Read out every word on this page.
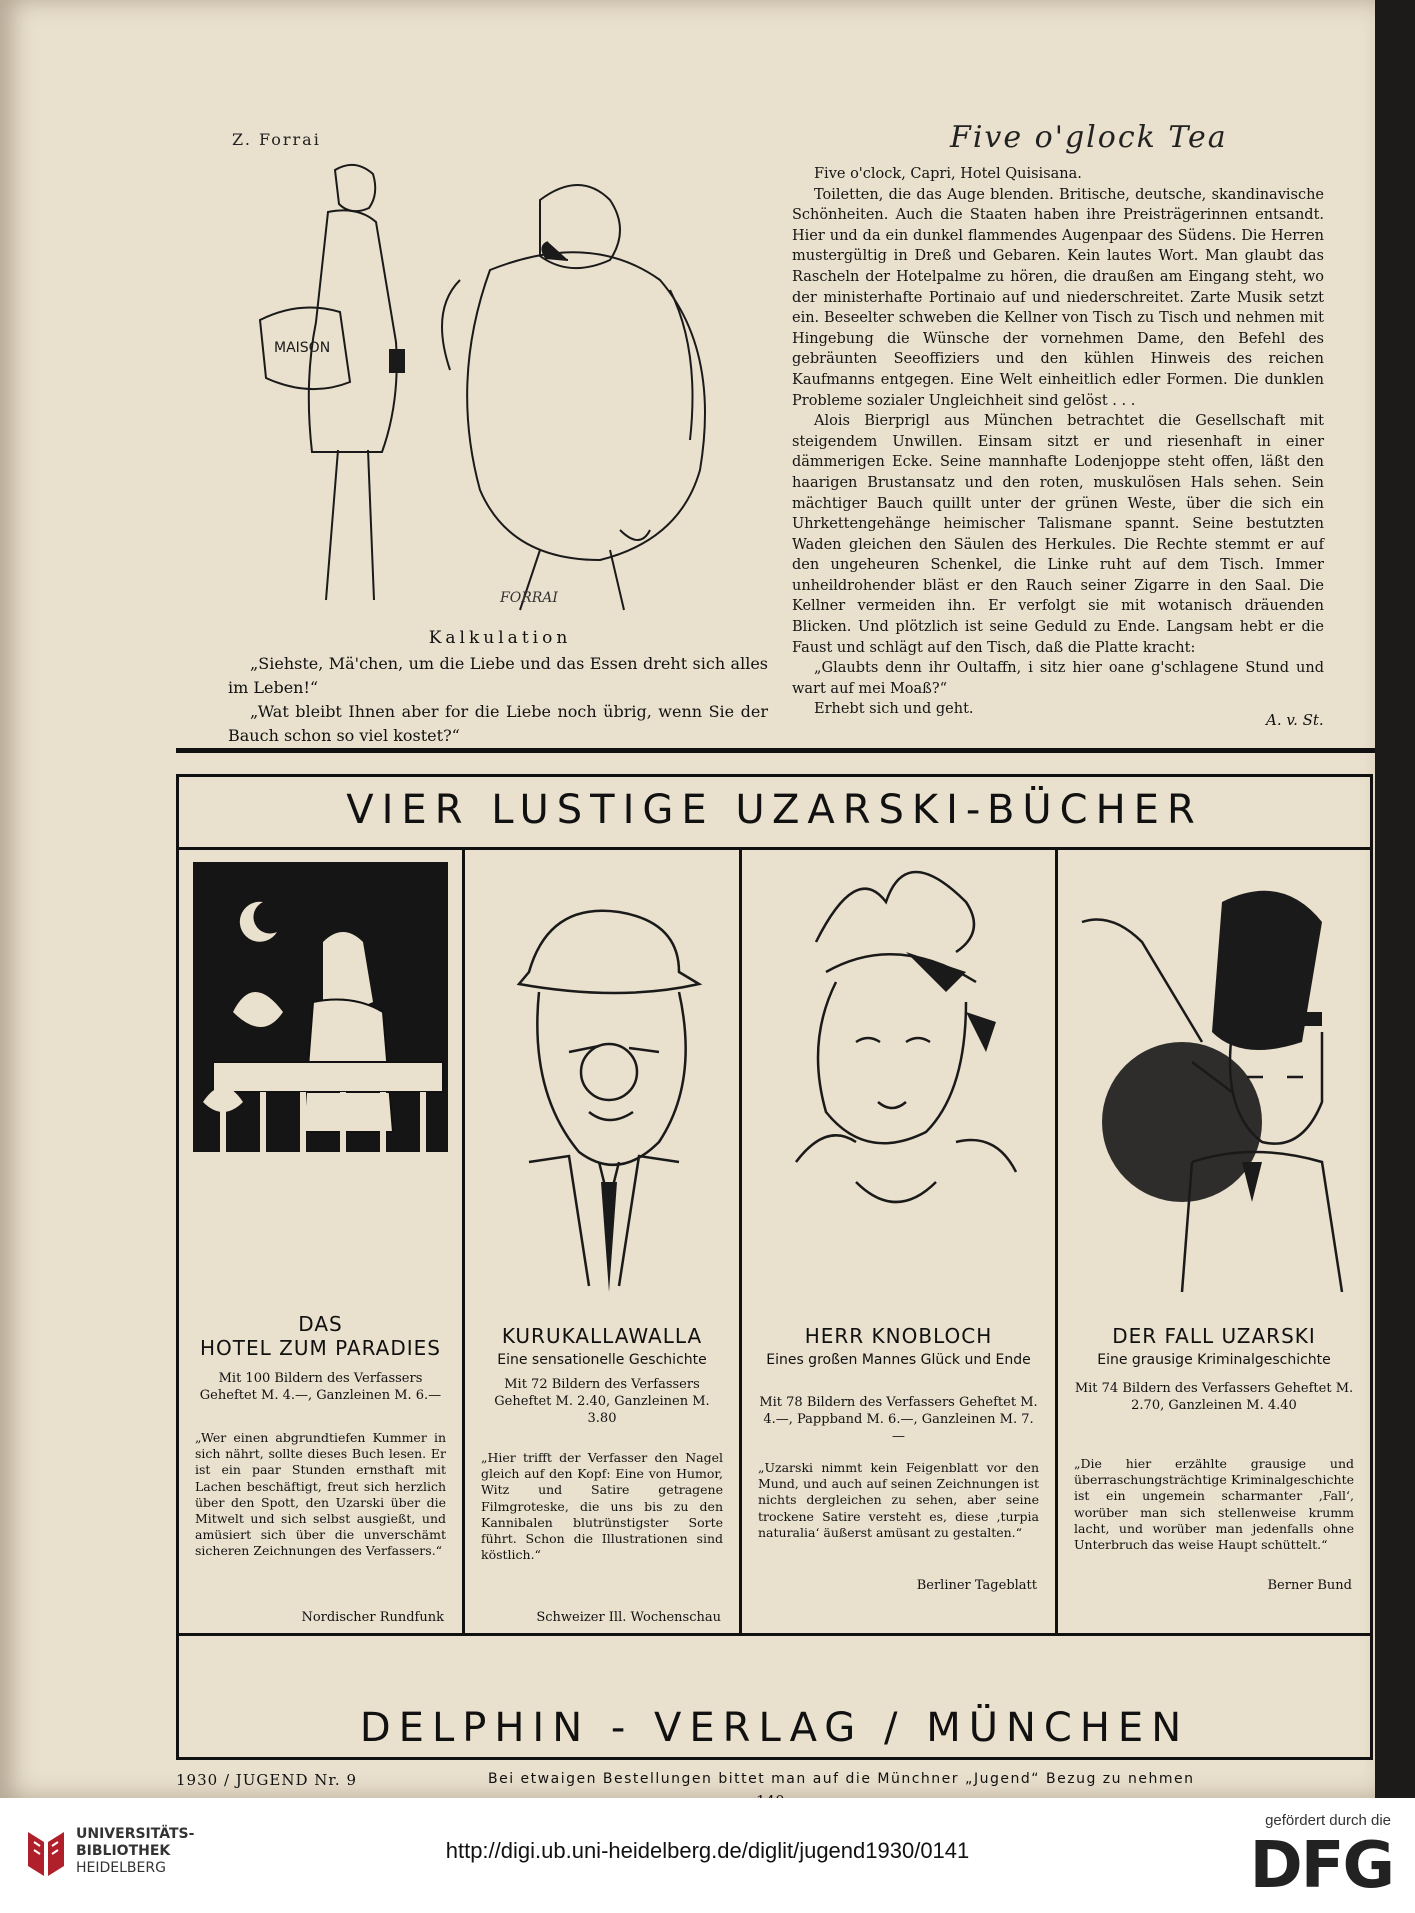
Z. Forrai
MAISON
FORRAI
Kalkulation

„Siehste, Mä'chen, um die Liebe und das Essen dreht sich alles im Leben!“

„Wat bleibt Ihnen aber for die Liebe noch übrig, wenn Sie der Bauch schon so viel kostet?“

Five o'glock Tea

Five o'clock, Capri, Hotel Quisisana.

Toiletten, die das Auge blenden. Britische, deutsche, skandinavische Schönheiten. Auch die Staaten haben ihre Preisträgerinnen entsandt. Hier und da ein dunkel flammendes Augenpaar des Südens. Die Herren mustergültig in Dreß und Gebaren. Kein lautes Wort. Man glaubt das Rascheln der Hotelpalme zu hören, die draußen am Eingang steht, wo der ministerhafte Portinaio auf und niederschreitet. Zarte Musik setzt ein. Beseelter schweben die Kellner von Tisch zu Tisch und nehmen mit Hingebung die Wünsche der vornehmen Dame, den Befehl des gebräunten Seeoffiziers und den kühlen Hinweis des reichen Kaufmanns entgegen. Eine Welt einheitlich edler Formen. Die dunklen Probleme sozialer Ungleichheit sind gelöst . . .

Alois Bierprigl aus München betrachtet die Gesellschaft mit steigendem Unwillen. Einsam sitzt er und riesenhaft in einer dämmerigen Ecke. Seine mannhafte Lodenjoppe steht offen, läßt den haarigen Brustansatz und den roten, muskulösen Hals sehen. Sein mächtiger Bauch quillt unter der grünen Weste, über die sich ein Uhrkettengehänge heimischer Talismane spannt. Seine bestutzten Waden gleichen den Säulen des Herkules. Die Rechte stemmt er auf den ungeheuren Schenkel, die Linke ruht auf dem Tisch. Immer unheildrohender bläst er den Rauch seiner Zigarre in den Saal. Die Kellner vermeiden ihn. Er verfolgt sie mit wotanisch dräuenden Blicken. Und plötzlich ist seine Geduld zu Ende. Langsam hebt er die Faust und schlägt auf den Tisch, daß die Platte kracht:

„Glaubts denn ihr Oultaffn, i sitz hier oane g'schlagene Stund und wart auf mei Moaß?“

Erhebt sich und geht.

A. v. St.
VIER LUSTIGE UZARSKI-BÜCHER
DAS
HOTEL ZUM PARADIES
Mit 100 Bildern des Verfassers Geheftet M. 4.—, Ganzleinen M. 6.—
„Wer einen abgrundtiefen Kummer in sich nährt, sollte dieses Buch lesen. Er ist ein paar Stunden ernsthaft mit Lachen beschäftigt, freut sich herzlich über den Spott, den Uzarski über die Mitwelt und sich selbst ausgießt, und amüsiert sich über die unverschämt sicheren Zeichnungen des Verfassers.“
Nordischer Rundfunk
KURUKALLAWALLA
Eine sensationelle Geschichte
Mit 72 Bildern des Verfassers Geheftet M. 2.40, Ganzleinen M. 3.80
„Hier trifft der Verfasser den Nagel gleich auf den Kopf: Eine von Humor, Witz und Satire getragene Filmgroteske, die uns bis zu den Kannibalen blutrünstigster Sorte führt. Schon die Illustrationen sind köstlich.“
Schweizer Ill. Wochenschau
HERR KNOBLOCH
Eines großen Mannes Glück und Ende
Mit 78 Bildern des Verfassers Geheftet M. 4.—, Pappband M. 6.—, Ganzleinen M. 7.—
„Uzarski nimmt kein Feigenblatt vor den Mund, und auch auf seinen Zeichnungen ist nichts dergleichen zu sehen, aber seine trockene Satire versteht es, diese ‚turpia naturalia‘ äußerst amüsant zu gestalten.“
Berliner Tageblatt
DER FALL UZARSKI
Eine grausige Kriminalgeschichte
Mit 74 Bildern des Verfassers Geheftet M. 2.70, Ganzleinen M. 4.40
„Die hier erzählte grausige und überraschungsträchtige Kriminalgeschichte ist ein ungemein scharmanter ‚Fall‘, worüber man sich stellenweise krumm lacht, und worüber man jedenfalls ohne Unterbruch das weise Haupt schüttelt.“
Berner Bund
DELPHIN - VERLAG / MÜNCHEN
1930 / JUGEND Nr. 9	Bei etwaigen Bestellungen bittet man auf die Münchner „Jugend“ Bezug zu nehmen
UNIVERSITÄTS-
BIBLIOTHEK
HEIDELBERG
http://digi.ub.uni-heidelberg.de/diglit/jugend1930/0141
gefördert durch die
DFG
